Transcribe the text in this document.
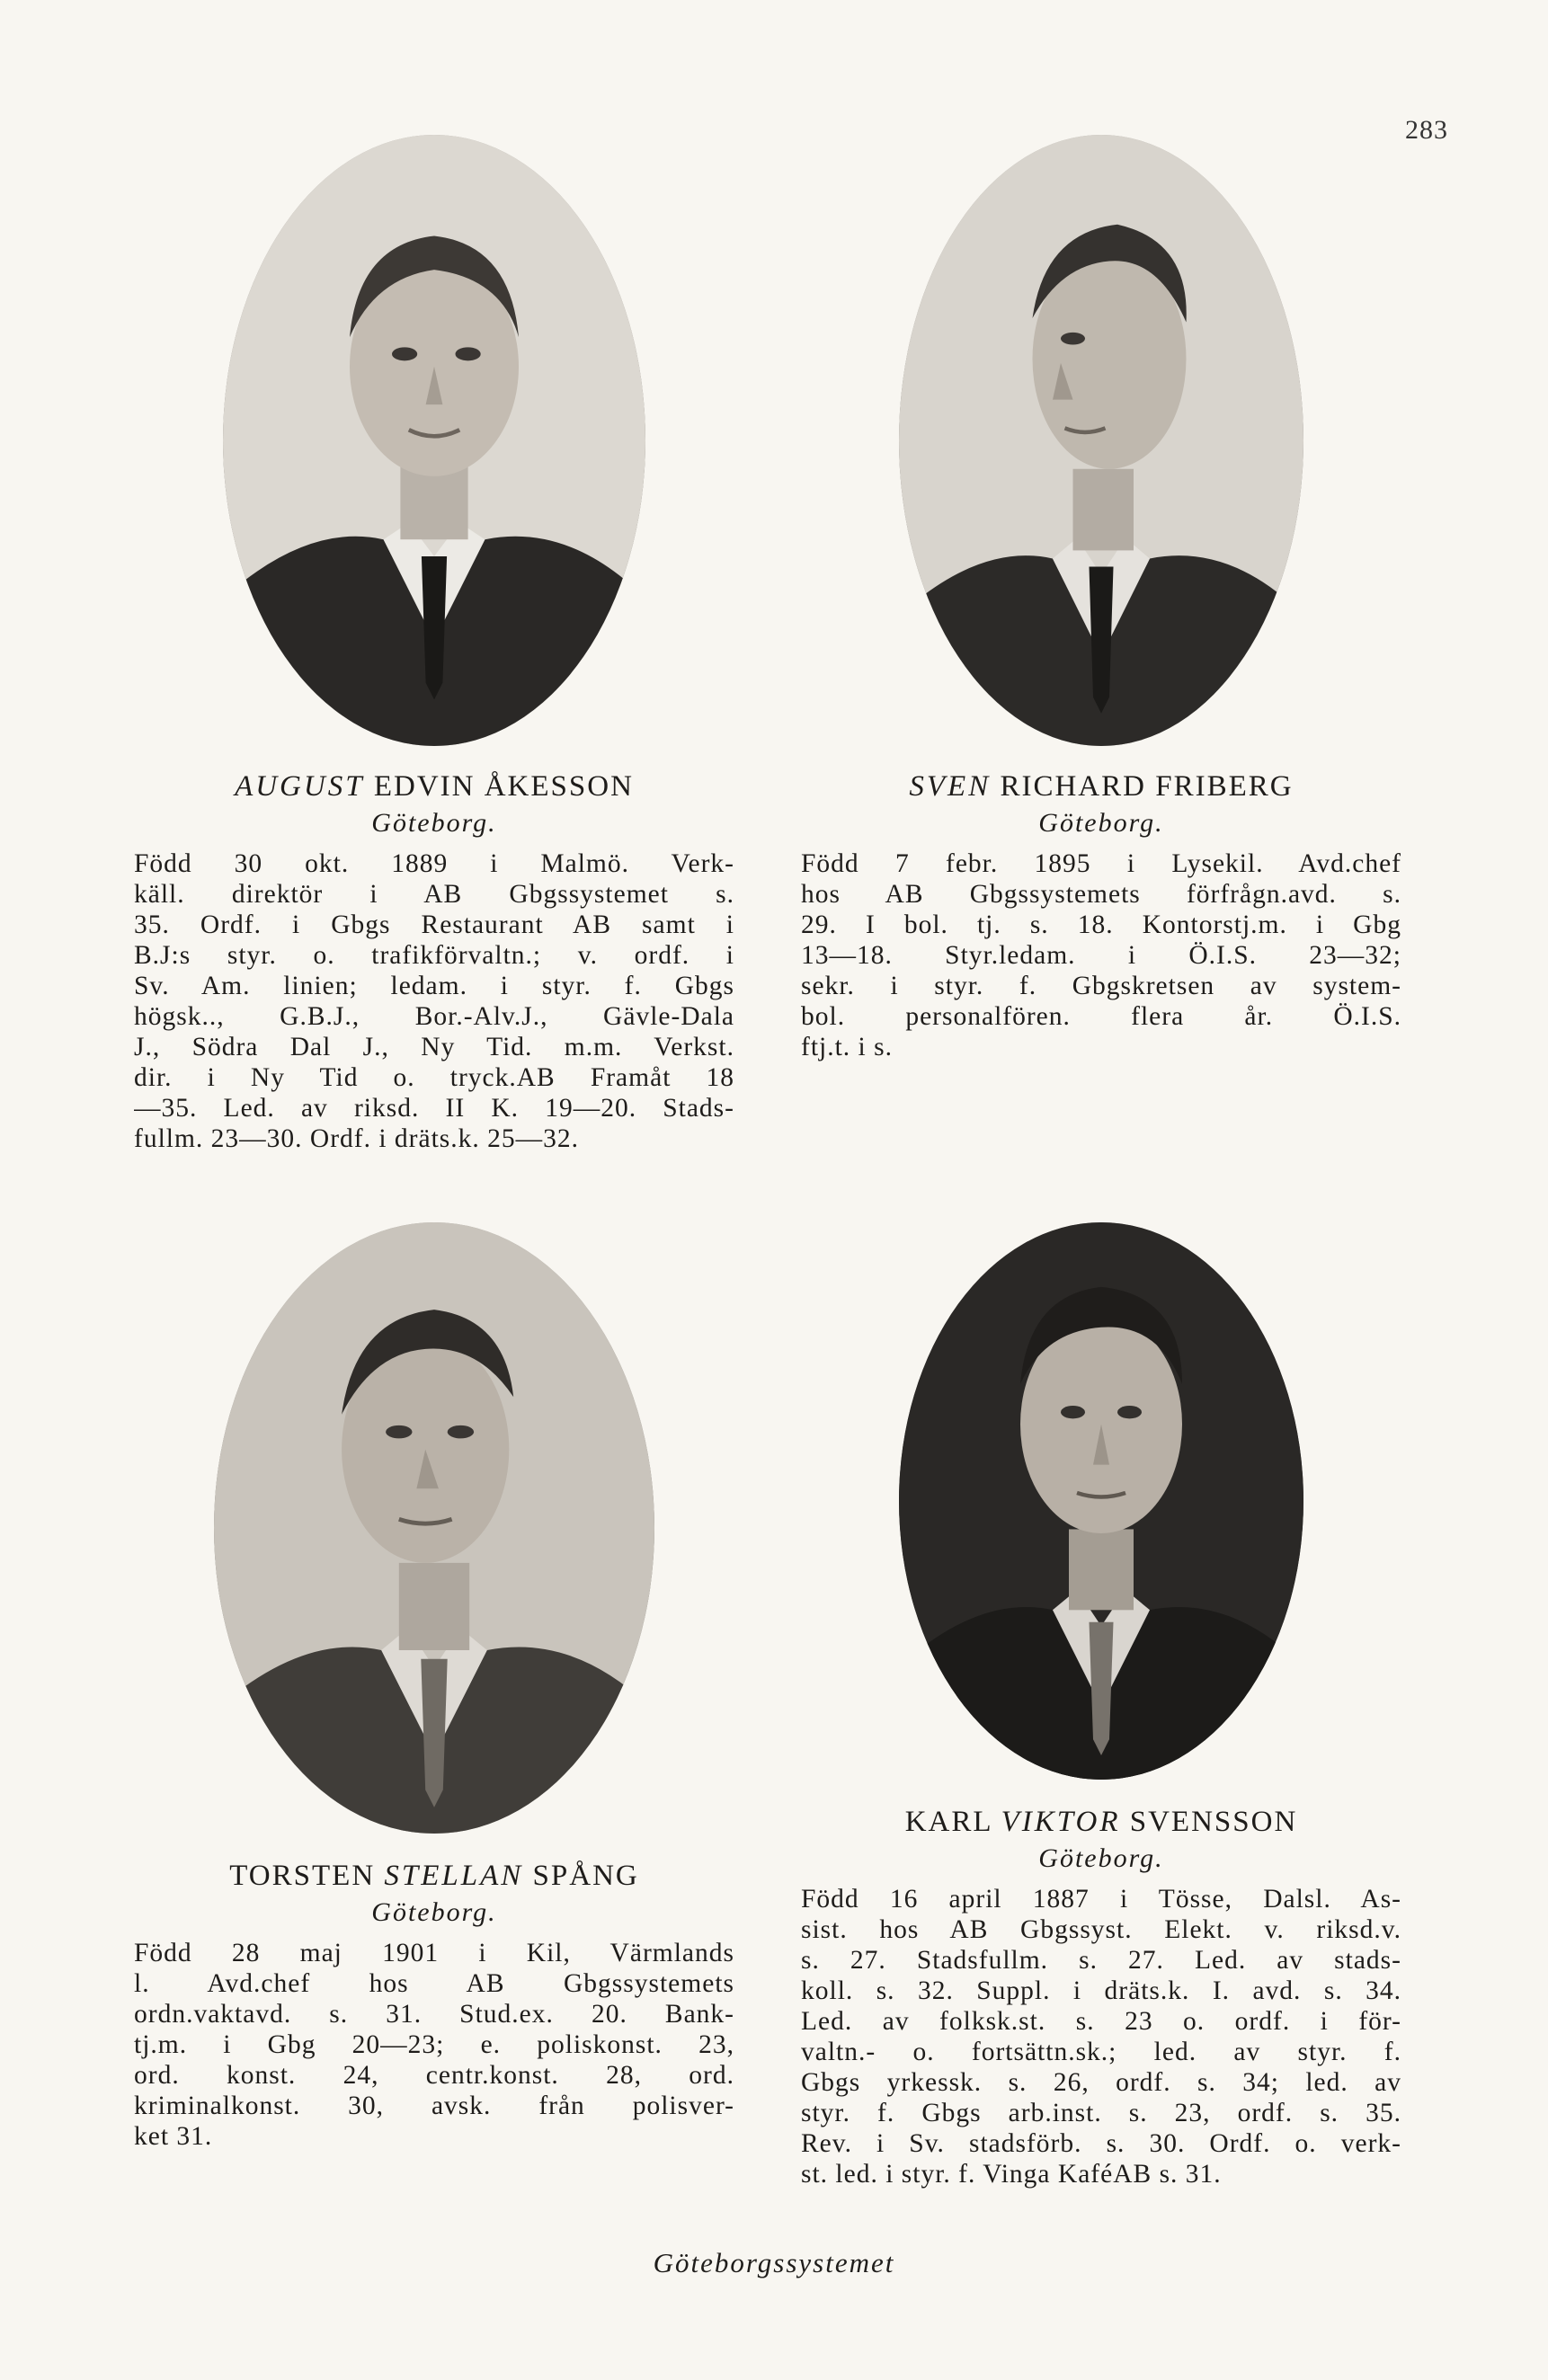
283
AUGUST EDVIN ÅKESSON
Göteborg.
Född 30 okt. 1889 i Malmö. Verk-
käll. direktör i AB Gbgssystemet s.
35. Ordf. i Gbgs Restaurant AB samt i
B.J:s styr. o. trafikförvaltn.; v. ordf. i
Sv. Am. linien; ledam. i styr. f. Gbgs
högsk.., G.B.J., Bor.-Alv.J., Gävle-Dala
J., Södra Dal J., Ny Tid. m.m. Verkst.
dir. i Ny Tid o. tryck.AB Framåt 18
—35. Led. av riksd. II K. 19—20. Stads-
fullm. 23—30. Ordf. i dräts.k. 25—32.
SVEN RICHARD FRIBERG
Göteborg.
Född 7 febr. 1895 i Lysekil. Avd.chef
hos AB Gbgssystemets förfrågn.avd. s.
29. I bol. tj. s. 18. Kontorstj.m. i Gbg
13—18. Styr.ledam. i Ö.I.S. 23—32;
sekr. i styr. f. Gbgskretsen av system-
bol. personalfören. flera år. Ö.I.S.
ftj.t. i s.
TORSTEN STELLAN SPÅNG
Göteborg.
Född 28 maj 1901 i Kil, Värmlands
l. Avd.chef hos AB Gbgssystemets
ordn.vaktavd. s. 31. Stud.ex. 20. Bank-
tj.m. i Gbg 20—23; e. poliskonst. 23,
ord. konst. 24, centr.konst. 28, ord.
kriminalkonst. 30, avsk. från polisver-
ket 31.
KARL VIKTOR SVENSSON
Göteborg.
Född 16 april 1887 i Tösse, Dalsl. As-
sist. hos AB Gbgssyst. Elekt. v. riksd.v.
s. 27. Stadsfullm. s. 27. Led. av stads-
koll. s. 32. Suppl. i dräts.k. I. avd. s. 34.
Led. av folksk.st. s. 23 o. ordf. i för-
valtn.- o. fortsättn.sk.; led. av styr. f.
Gbgs yrkessk. s. 26, ordf. s. 34; led. av
styr. f. Gbgs arb.inst. s. 23, ordf. s. 35.
Rev. i Sv. stadsförb. s. 30. Ordf. o. verk-
st. led. i styr. f. Vinga KaféAB s. 31.
Göteborgssystemet
